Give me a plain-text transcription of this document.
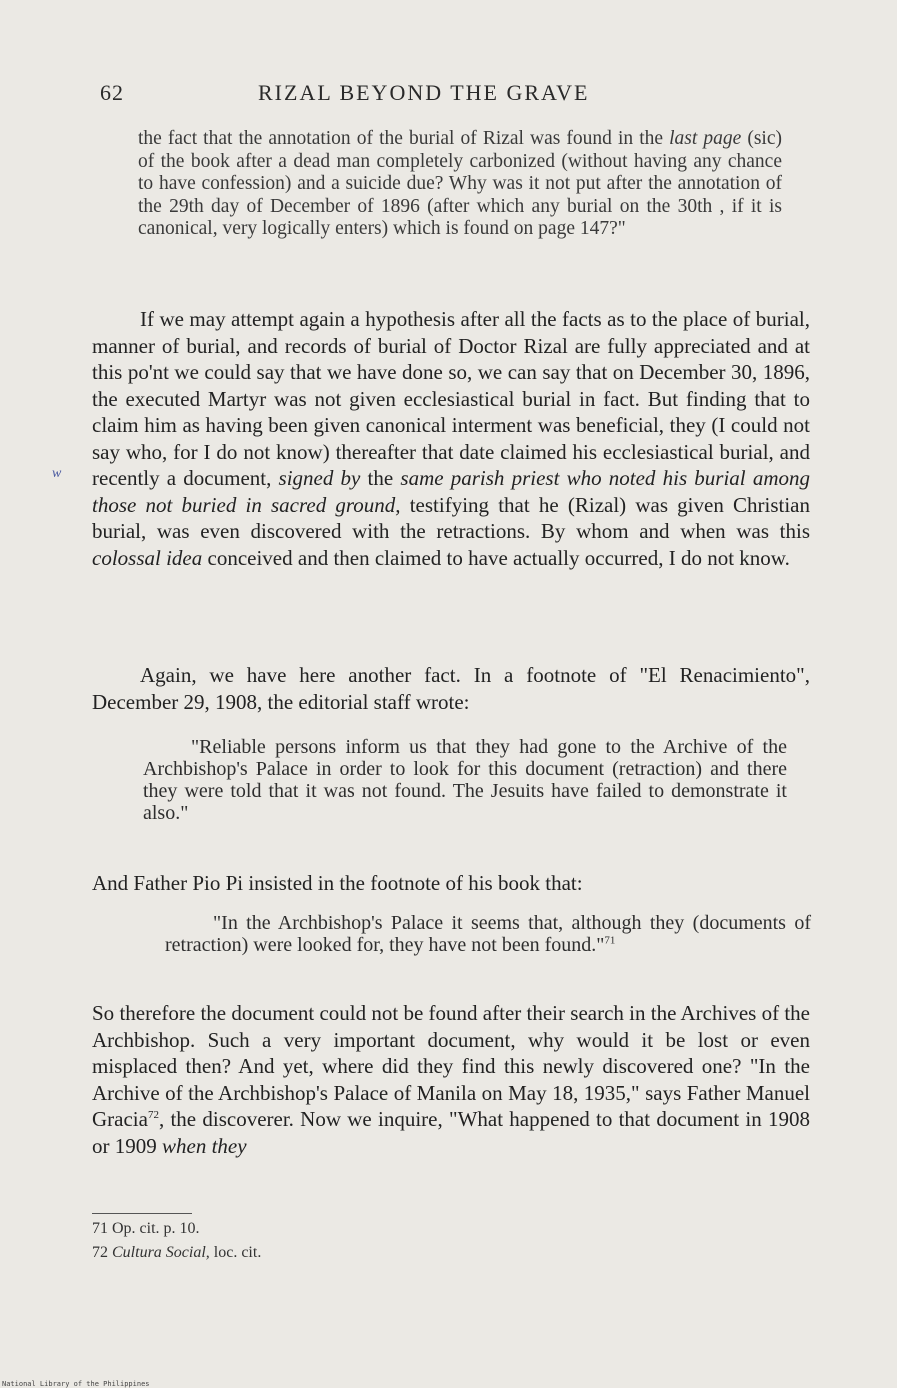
62	RIZAL BEYOND THE GRAVE
the fact that the annotation of the burial of Rizal was found in the last page (sic) of the book after a dead man completely carbonized (without having any chance to have confession) and a suicide due? Why was it not put after the annotation of the 29th day of December of 1896 (after which any burial on the 30th , if it is canonical, very logically enters) which is found on page 147?"
If we may attempt again a hypothesis after all the facts as to the place of burial, manner of burial, and records of burial of Doctor Rizal are fully appreciated and at this po'nt we could say that we have done so, we can say that on December 30, 1896, the executed Martyr was not given ecclesiastical burial in fact. But finding that to claim him as having been given canonical interment was beneficial, they (I could not say who, for I do not know) thereafter that date claimed his ecclesiastical burial, and recently a document, signed by the same parish priest who noted his burial among those not buried in sacred ground, testifying that he (Rizal) was given Christian burial, was even discovered with the retractions. By whom and when was this colossal idea conceived and then claimed to have actually occurred, I do not know.
w
Again, we have here another fact. In a footnote of "El Renacimiento", December 29, 1908, the editorial staff wrote:
"Reliable persons inform us that they had gone to the Archive of the Archbishop's Palace in order to look for this document (retraction) and there they were told that it was not found. The Jesuits have failed to demonstrate it also."
And Father Pio Pi insisted in the footnote of his book that:
"In the Archbishop's Palace it seems that, although they (documents of retraction) were looked for, they have not been found."$^{71}$
So therefore the document could not be found after their search in the Archives of the Archbishop. Such a very important document, why would it be lost or even misplaced then? And yet, where did they find this newly discovered one? "In the Archive of the Archbishop's Palace of Manila on May 18, 1935," says Father Manuel Gracia$^{72}$, the discoverer. Now we inquire, "What happened to that document in 1908 or 1909 when they
71 Op. cit. p. 10.
72 Cultura Social, loc. cit.
National Library of the Philippines
